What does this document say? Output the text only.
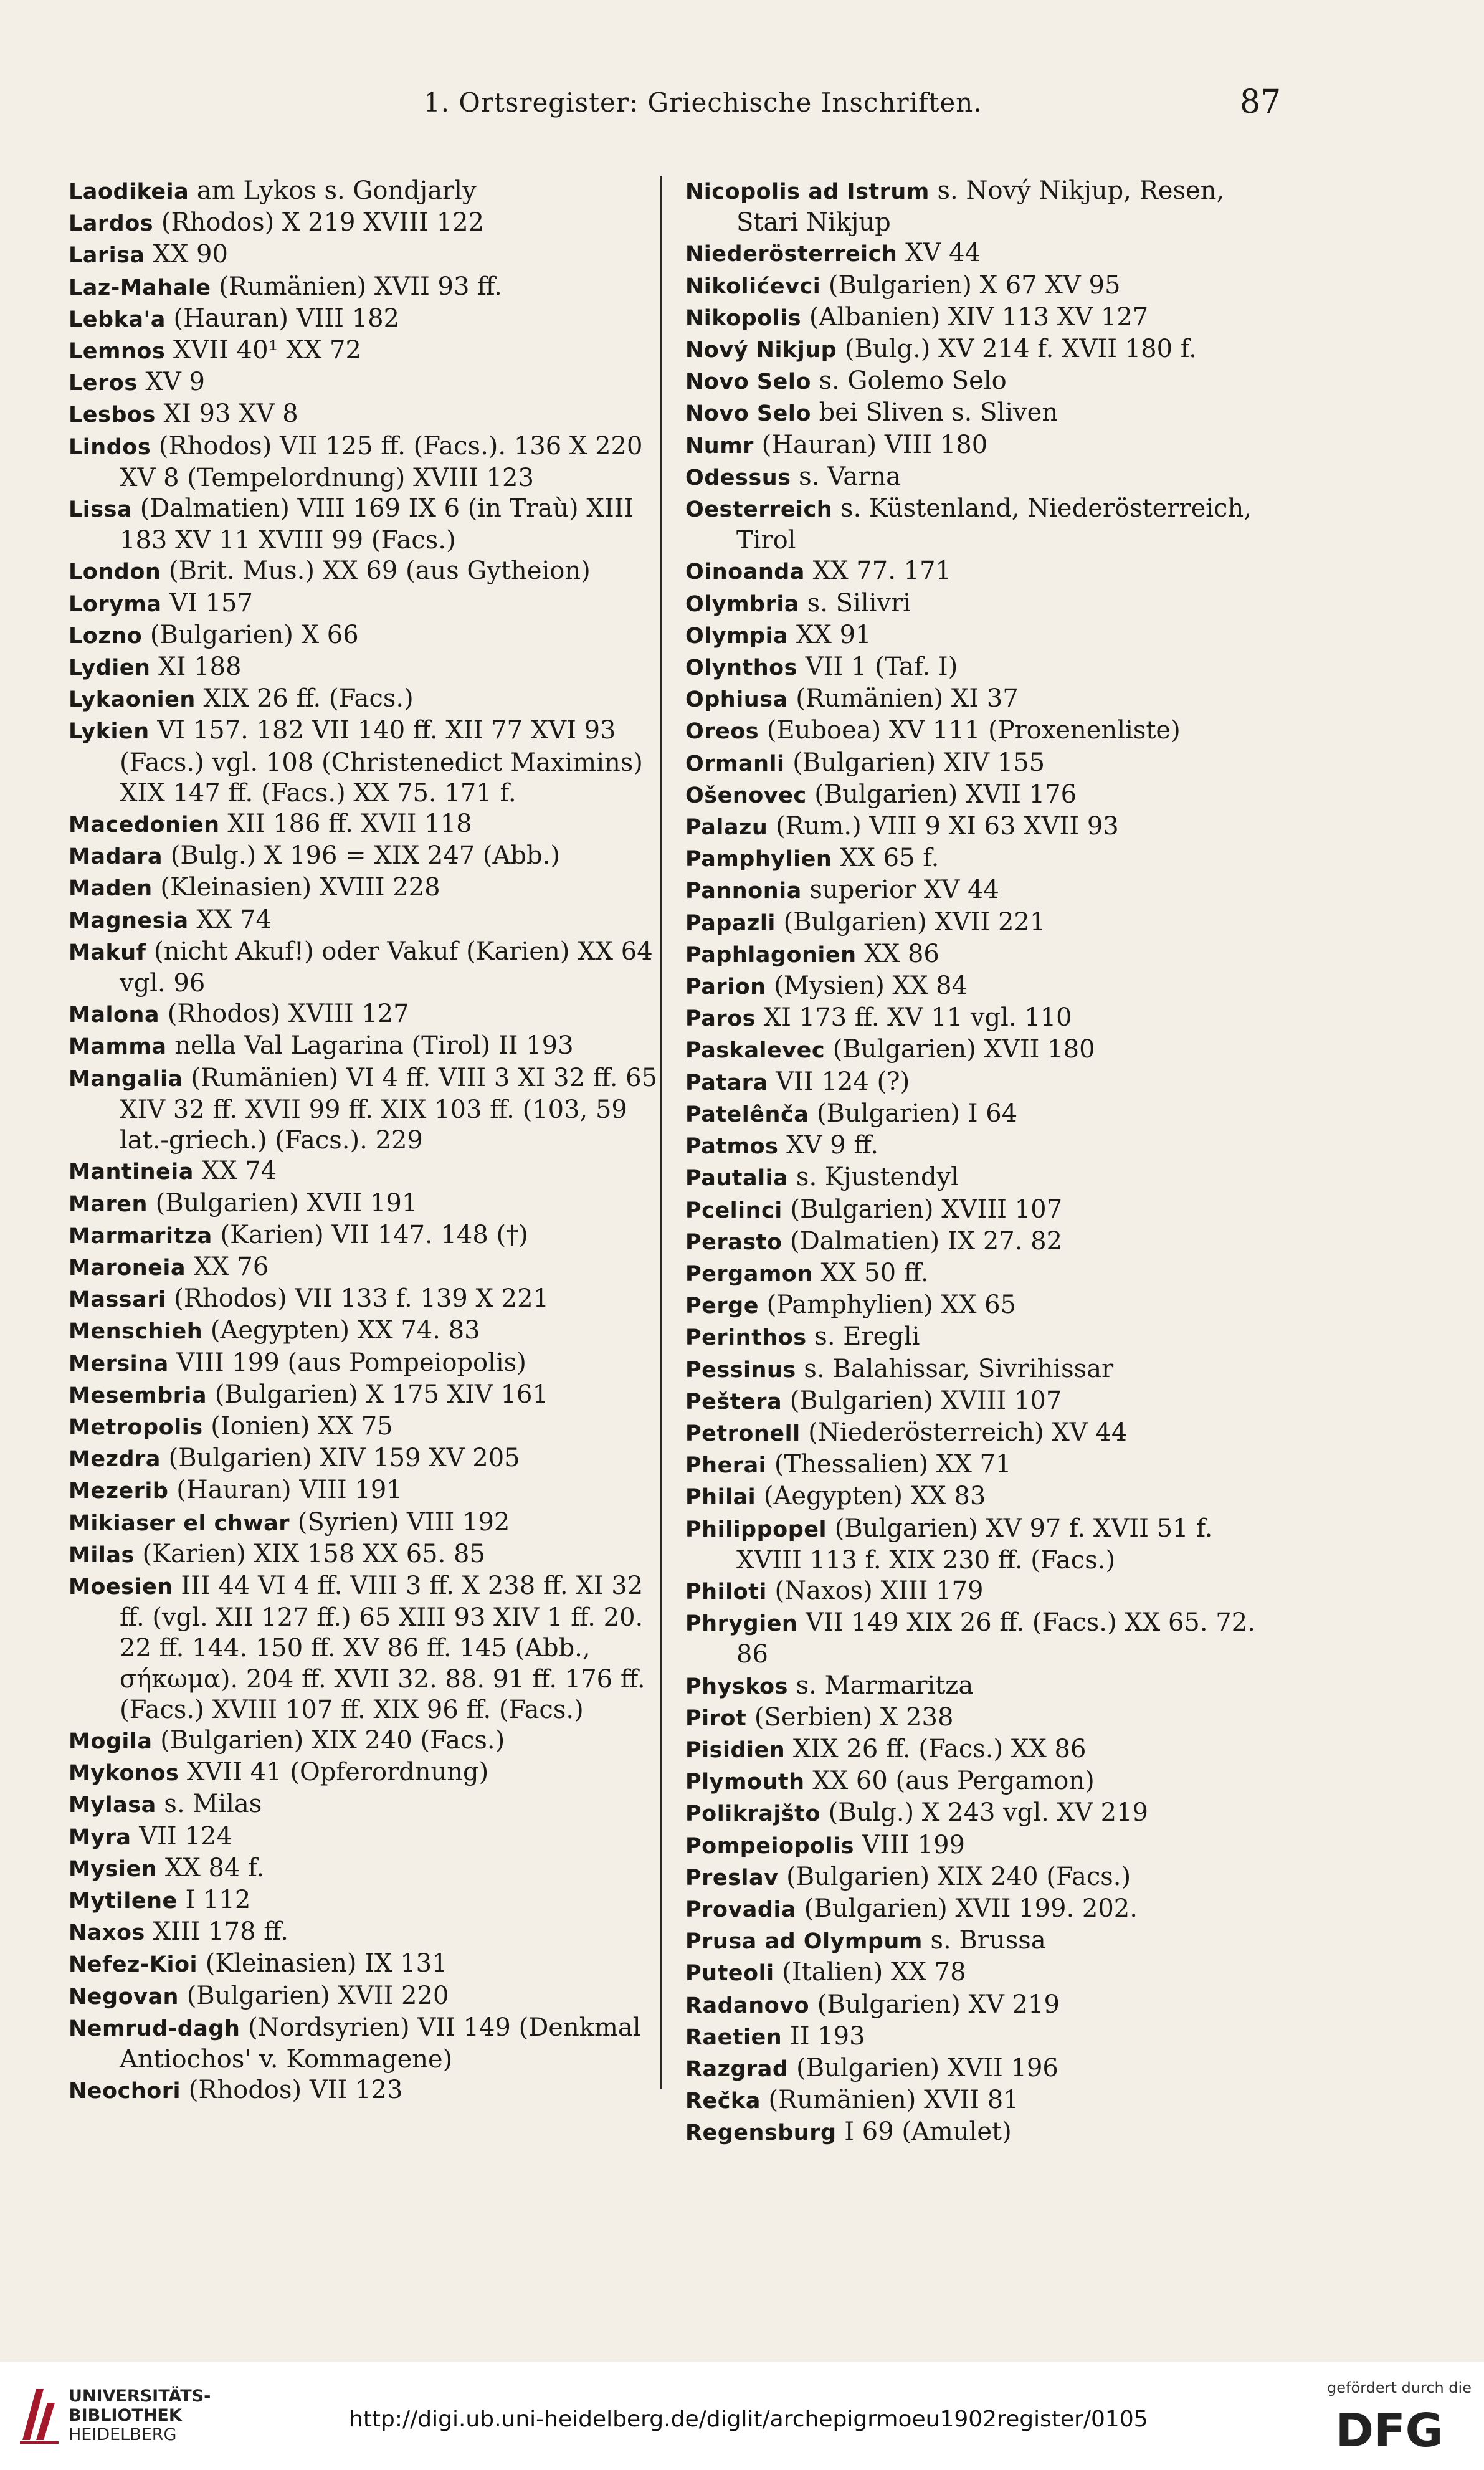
1. Ortsregister: Griechische Inschriften.	87
Laodikeia am Lykos s. Gondjarly
Lardos (Rhodos) X 219 XVIII 122
Larisa XX 90
Laz-Mahale (Rumänien) XVII 93 ff.
Lebka'a (Hauran) VIII 182
Lemnos XVII 40¹ XX 72
Leros XV 9
Lesbos XI 93 XV 8
Lindos (Rhodos) VII 125 ff. (Facs.). 136 X 220 XV 8 (Tempelordnung) XVIII 123
Lissa (Dalmatien) VIII 169 IX 6 (in Traù) XIII 183 XV 11 XVIII 99 (Facs.)
London (Brit. Mus.) XX 69 (aus Gytheion)
Loryma VI 157
Lozno (Bulgarien) X 66
Lydien XI 188
Lykaonien XIX 26 ff. (Facs.)
Lykien VI 157. 182 VII 140 ff. XII 77 XVI 93 (Facs.) vgl. 108 (Christenedict Maximins) XIX 147 ff. (Facs.) XX 75. 171 f.
Macedonien XII 186 ff. XVII 118
Madara (Bulg.) X 196 = XIX 247 (Abb.)
Maden (Kleinasien) XVIII 228
Magnesia XX 74
Makuf (nicht Akuf!) oder Vakuf (Karien) XX 64 vgl. 96
Malona (Rhodos) XVIII 127
Mamma nella Val Lagarina (Tirol) II 193
Mangalia (Rumänien) VI 4 ff. VIII 3 XI 32 ff. 65 XIV 32 ff. XVII 99 ff. XIX 103 ff. (103, 59 lat.-griech.) (Facs.). 229
Mantineia XX 74
Maren (Bulgarien) XVII 191
Marmaritza (Karien) VII 147. 148 (†)
Maroneia XX 76
Massari (Rhodos) VII 133 f. 139 X 221
Menschieh (Aegypten) XX 74. 83
Mersina VIII 199 (aus Pompeiopolis)
Mesembria (Bulgarien) X 175 XIV 161
Metropolis (Ionien) XX 75
Mezdra (Bulgarien) XIV 159 XV 205
Mezerib (Hauran) VIII 191
Mikiaser el chwar (Syrien) VIII 192
Milas (Karien) XIX 158 XX 65. 85
Moesien III 44 VI 4 ff. VIII 3 ff. X 238 ff. XI 32 ff. (vgl. XII 127 ff.) 65 XIII 93 XIV 1 ff. 20. 22 ff. 144. 150 ff. XV 86 ff. 145 (Abb., σήκωμα). 204 ff. XVII 32. 88. 91 ff. 176 ff. (Facs.) XVIII 107 ff. XIX 96 ff. (Facs.)
Mogila (Bulgarien) XIX 240 (Facs.)
Mykonos XVII 41 (Opferordnung)
Mylasa s. Milas
Myra VII 124
Mysien XX 84 f.
Mytilene I 112
Naxos XIII 178 ff.
Nefez-Kioi (Kleinasien) IX 131
Negovan (Bulgarien) XVII 220
Nemrud-dagh (Nordsyrien) VII 149 (Denkmal Antiochos' v. Kommagene)
Neochori (Rhodos) VII 123
Nicopolis ad Istrum s. Nový Nikjup, Resen, Stari Nikjup
Niederösterreich XV 44
Nikolićevci (Bulgarien) X 67 XV 95
Nikopolis (Albanien) XIV 113 XV 127
Nový Nikjup (Bulg.) XV 214 f. XVII 180 f.
Novo Selo s. Golemo Selo
Novo Selo bei Sliven s. Sliven
Numr (Hauran) VIII 180
Odessus s. Varna
Oesterreich s. Küstenland, Niederösterreich, Tirol
Oinoanda XX 77. 171
Olymbria s. Silivri
Olympia XX 91
Olynthos VII 1 (Taf. I)
Ophiusa (Rumänien) XI 37
Oreos (Euboea) XV 111 (Proxenenliste)
Ormanli (Bulgarien) XIV 155
Ošenovec (Bulgarien) XVII 176
Palazu (Rum.) VIII 9 XI 63 XVII 93
Pamphylien XX 65 f.
Pannonia superior XV 44
Papazli (Bulgarien) XVII 221
Paphlagonien XX 86
Parion (Mysien) XX 84
Paros XI 173 ff. XV 11 vgl. 110
Paskalevec (Bulgarien) XVII 180
Patara VII 124 (?)
Patelênča (Bulgarien) I 64
Patmos XV 9 ff.
Pautalia s. Kjustendyl
Pcelinci (Bulgarien) XVIII 107
Perasto (Dalmatien) IX 27. 82
Pergamon XX 50 ff.
Perge (Pamphylien) XX 65
Perinthos s. Eregli
Pessinus s. Balahissar, Sivrihissar
Peštera (Bulgarien) XVIII 107
Petronell (Niederösterreich) XV 44
Pherai (Thessalien) XX 71
Philai (Aegypten) XX 83
Philippopel (Bulgarien) XV 97 f. XVII 51 f. XVIII 113 f. XIX 230 ff. (Facs.)
Philoti (Naxos) XIII 179
Phrygien VII 149 XIX 26 ff. (Facs.) XX 65. 72. 86
Physkos s. Marmaritza
Pirot (Serbien) X 238
Pisidien XIX 26 ff. (Facs.) XX 86
Plymouth XX 60 (aus Pergamon)
Polikrajšto (Bulg.) X 243 vgl. XV 219
Pompeiopolis VIII 199
Preslav (Bulgarien) XIX 240 (Facs.)
Provadia (Bulgarien) XVII 199. 202.
Prusa ad Olympum s. Brussa
Puteoli (Italien) XX 78
Radanovo (Bulgarien) XV 219
Raetien II 193
Razgrad (Bulgarien) XVII 196
Rečka (Rumänien) XVII 81
Regensburg I 69 (Amulet)
UNIVERSITÄTS-
BIBLIOTHEK
HEIDELBERG
http://digi.ub.uni-heidelberg.de/diglit/archepigrmoeu1902register/0105
gefördert durch die
DFG
